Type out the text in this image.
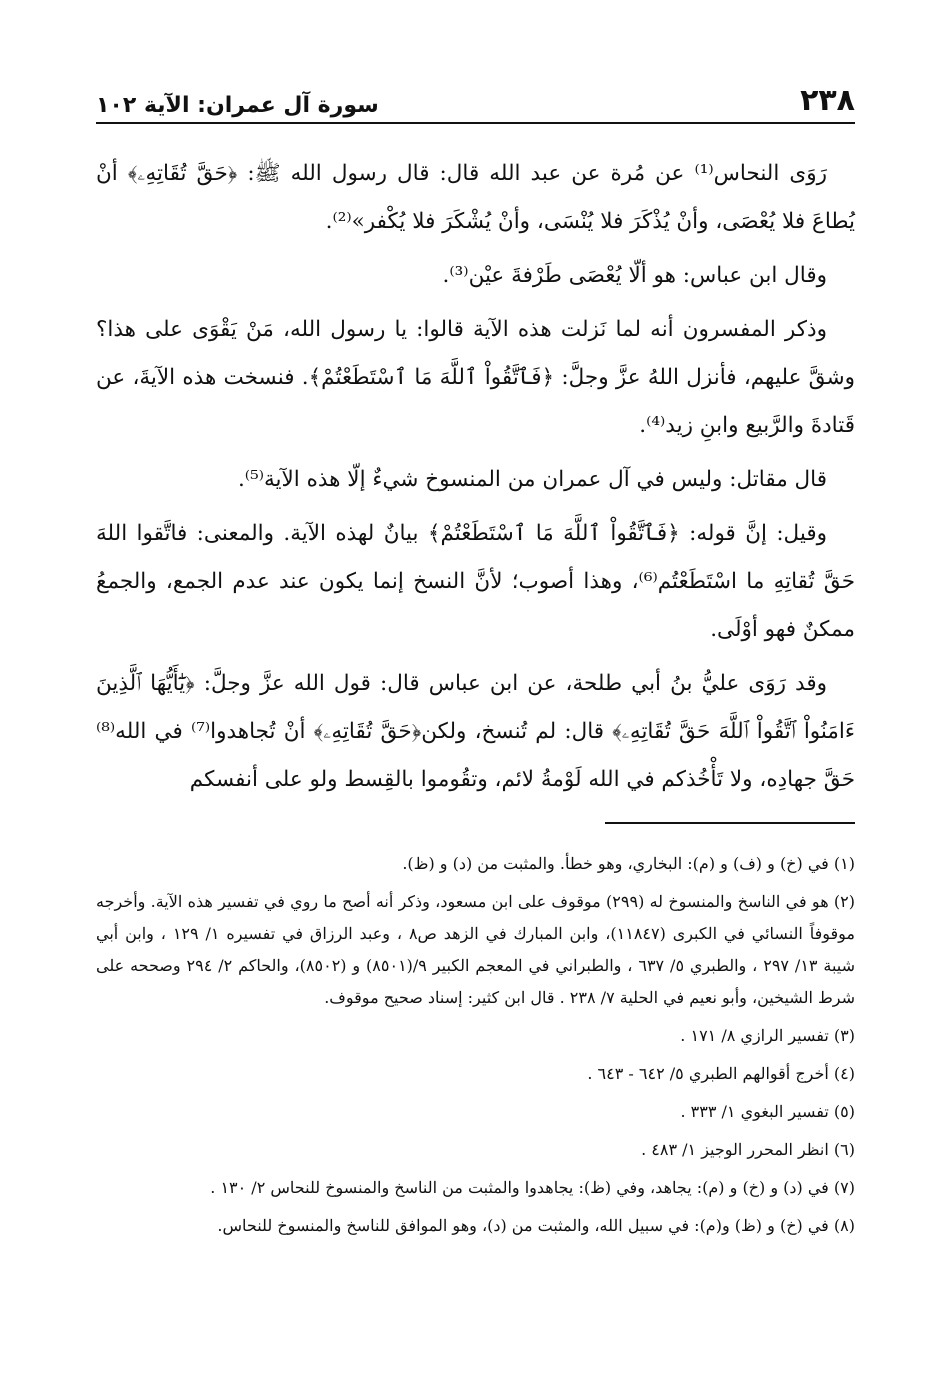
٢٣٨
سورة آل عمران: الآية ١٠٢

رَوَى النحاس⁽¹⁾ عن مُرة عن عبد الله قال: قال رسول الله ﷺ: ﴿حَقَّ تُقَاتِهِۦ﴾ أنْ يُطاعَ فلا يُعْصَى، وأنْ يُذْكَرَ فلا يُنْسَى، وأنْ يُشْكَرَ فلا يُكْفر»⁽²⁾.

وقال ابن عباس: هو ألّا يُعْصَى طَرْفةَ عيْن⁽³⁾.

وذكر المفسرون أنه لما نَزلت هذه الآية قالوا: يا رسول الله، مَنْ يَقْوَى على هذا؟ وشقَّ عليهم، فأنزل اللهُ عزَّ وجلَّ: ﴿فَٱتَّقُواْ ٱللَّهَ مَا ٱسْتَطَعْتُمْ﴾. فنسخت هذه الآيةَ، عن قَتادةَ والرَّبيع وابنِ زيد⁽⁴⁾.

قال مقاتل: وليس في آل عمران من المنسوخ شيءٌ إلّا هذه الآية⁽⁵⁾.

وقيل: إنَّ قوله: ﴿فَٱتَّقُواْ ٱللَّهَ مَا ٱسْتَطَعْتُمْ﴾ بيانٌ لهذه الآية. والمعنى: فاتَّقوا اللهَ حَقَّ تُقاتِهِ ما اسْتَطَعْتُم⁽⁶⁾، وهذا أصوب؛ لأنَّ النسخ إنما يكون عند عدم الجمع، والجمعُ ممكنٌ فهو أوْلَى.

وقد رَوَى عليُّ بنُ أبي طلحة، عن ابن عباس قال: قول الله عزَّ وجلَّ: ﴿يَٰٓأَيُّهَا ٱلَّذِينَ ءَامَنُواْ ٱتَّقُواْ ٱللَّهَ حَقَّ تُقَاتِهِۦ﴾ قال: لم تُنسخ، ولكن﴿حَقَّ تُقَاتِهِۦ﴾ أنْ تُجاهدوا⁽⁷⁾ في الله⁽⁸⁾ حَقَّ جهادِه، ولا تَأْخُذكم في الله لَوْمةُ لائم، وتقُوموا بالقِسط ولو على أنفسكم

(١) في (خ) و (ف) و (م): البخاري، وهو خطأ. والمثبت من (د) و (ظ).

(٢) هو في الناسخ والمنسوخ له (٢٩٩) موقوف على ابن مسعود، وذكر أنه أصح ما روي في تفسير هذه الآية. وأخرجه موقوفاً النسائي في الكبرى (١١٨٤٧)، وابن المبارك في الزهد ص٨ ، وعبد الرزاق في تفسيره ١/ ١٢٩ ، وابن أبي شيبة ١٣/ ٢٩٧ ، والطبري ٥/ ٦٣٧ ، والطبراني في المعجم الكبير ٩/(٨٥٠١) و (٨٥٠٢)، والحاكم ٢/ ٢٩٤ وصححه على شرط الشيخين، وأبو نعيم في الحلية ٧/ ٢٣٨ . قال ابن كثير: إسناد صحيح موقوف.

(٣) تفسير الرازي ٨/ ١٧١ .

(٤) أخرج أقوالهم الطبري ٥/ ٦٤٢ - ٦٤٣ .

(٥) تفسير البغوي ١/ ٣٣٣ .

(٦) انظر المحرر الوجيز ١/ ٤٨٣ .

(٧) في (د) و (خ) و (م): يجاهد، وفي (ظ): يجاهدوا والمثبت من الناسخ والمنسوخ للنحاس ٢/ ١٣٠ .

(٨) في (خ) و (ظ) و(م): في سبيل الله، والمثبت من (د)، وهو الموافق للناسخ والمنسوخ للنحاس.
